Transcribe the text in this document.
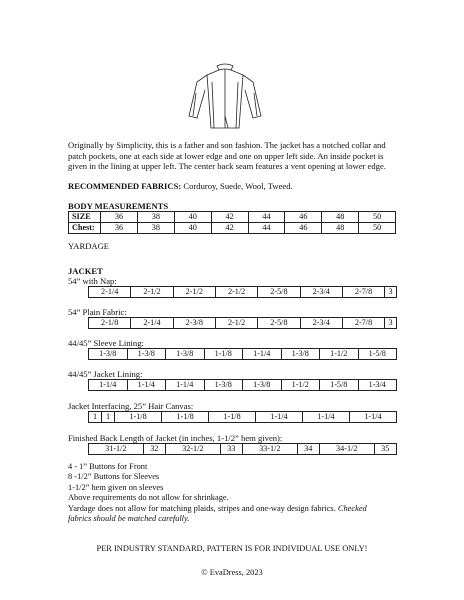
Originally by Simplicity, this is a father and son fashion. The jacket has a notched collar and patch pockets, one at each side at lower edge and one on upper left side. An inside pocket is given in the lining at upper left. The center back seam features a vent opening at lower edge.
RECOMMENDED FABRICS: Corduroy, Suede, Wool, Tweed.
BODY MEASUREMENTS
SIZE	36	38	40	42	44	46	48	50
Chest:	36	38	40	42	44	46	48	50
YARDAGE
JACKET
54” with Nap:
2-1/4	2-1/2	2-1/2	2-1/2	2-5/8	2-3/4	2-7/8	3
54” Plain Fabric:
2-1/8	2-1/4	2-3/8	2-1/2	2-5/8	2-3/4	2-7/8	3
44/45” Sleeve Lining:
1-3/8	1-3/8	1-3/8	1-1/8	1-1/4	1-3/8	1-1/2	1-5/8
44/45” Jacket Lining:
1-1/4	1-1/4	1-1/4	1-3/8	1-3/8	1-1/2	1-5/8	1-3/4
Jacket Interfacing, 25” Hair Canvas:
1	1	1-1/8	1-1/8	1-1/8	1-1/4	1-1/4	1-1/4
Finished Back Length of Jacket (in inches, 1-1/2” hem given):
31-1/2	32	32-1/2	33	33-1/2	34	34-1/2	35
4 - 1” Buttons for Front
8 -1/2” Buttons for Sleeves
1-1/2” hem given on sleeves
Above requirements do not allow for shrinkage.
Yardage does not allow for matching plaids, stripes and one-way design fabrics. Checked
fabrics should be matched carefully.
PER INDUSTRY STANDARD, PATTERN IS FOR INDIVIDUAL USE ONLY!
© EvaDress, 2023
